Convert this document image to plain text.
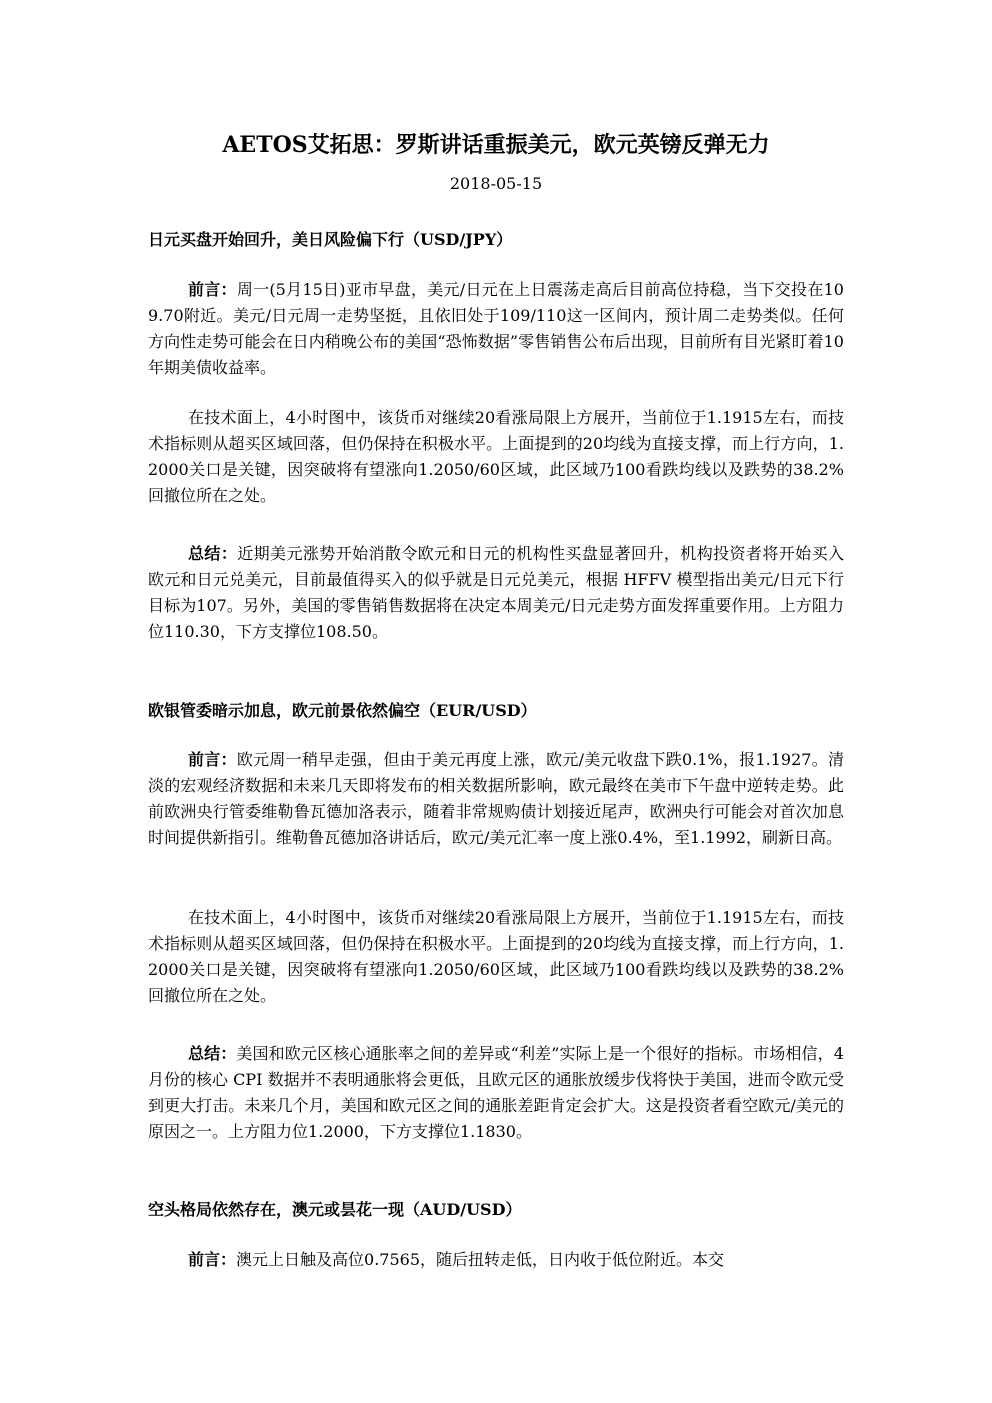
AETOS艾拓思：罗斯讲话重振美元，欧元英镑反弹无力

2018-05-15

日元买盘开始回升，美日风险偏下行（USD/JPY）

前言：周一(5月15日)亚市早盘，美元/日元在上日震荡走高后目前高位持稳，当下交投在109.70附近。美元/日元周一走势坚挺，且依旧处于109/110这一区间内，预计周二走势类似。任何方向性走势可能会在日内稍晚公布的美国“恐怖数据”零售销售公布后出现，目前所有目光紧盯着10年期美债收益率。

在技术面上，4小时图中，该货币对继续20看涨局限上方展开，当前位于1.1915左右，而技术指标则从超买区域回落，但仍保持在积极水平。上面提到的20均线为直接支撑，而上行方向，1.2000关口是关键，因突破将有望涨向1.2050/60区域，此区域乃100看跌均线以及跌势的38.2%回撤位所在之处。

总结：近期美元涨势开始消散令欧元和日元的机构性买盘显著回升，机构投资者将开始买入欧元和日元兑美元，目前最值得买入的似乎就是日元兑美元，根据 HFFV 模型指出美元/日元下行目标为107。另外，美国的零售销售数据将在决定本周美元/日元走势方面发挥重要作用。上方阻力位110.30，下方支撑位108.50。

欧银管委暗示加息，欧元前景依然偏空（EUR/USD）

前言：欧元周一稍早走强，但由于美元再度上涨，欧元/美元收盘下跌0.1%，报1.1927。清淡的宏观经济数据和未来几天即将发布的相关数据所影响，欧元最终在美市下午盘中逆转走势。此前欧洲央行管委维勒鲁瓦德加洛表示，随着非常规购债计划接近尾声，欧洲央行可能会对首次加息时间提供新指引。维勒鲁瓦德加洛讲话后，欧元/美元汇率一度上涨0.4%，至1.1992，刷新日高。

在技术面上，4小时图中，该货币对继续20看涨局限上方展开，当前位于1.1915左右，而技术指标则从超买区域回落，但仍保持在积极水平。上面提到的20均线为直接支撑，而上行方向，1.2000关口是关键，因突破将有望涨向1.2050/60区域，此区域乃100看跌均线以及跌势的38.2%回撤位所在之处。

总结：美国和欧元区核心通胀率之间的差异或“利差”实际上是一个很好的指标。市场相信，4月份的核心 CPI 数据并不表明通胀将会更低，且欧元区的通胀放缓步伐将快于美国，进而令欧元受到更大打击。未来几个月，美国和欧元区之间的通胀差距肯定会扩大。这是投资者看空欧元/美元的原因之一。上方阻力位1.2000，下方支撑位1.1830。

空头格局依然存在，澳元或昙花一现（AUD/USD）

前言：澳元上日触及高位0.7565，随后扭转走低，日内收于低位附近。本交
